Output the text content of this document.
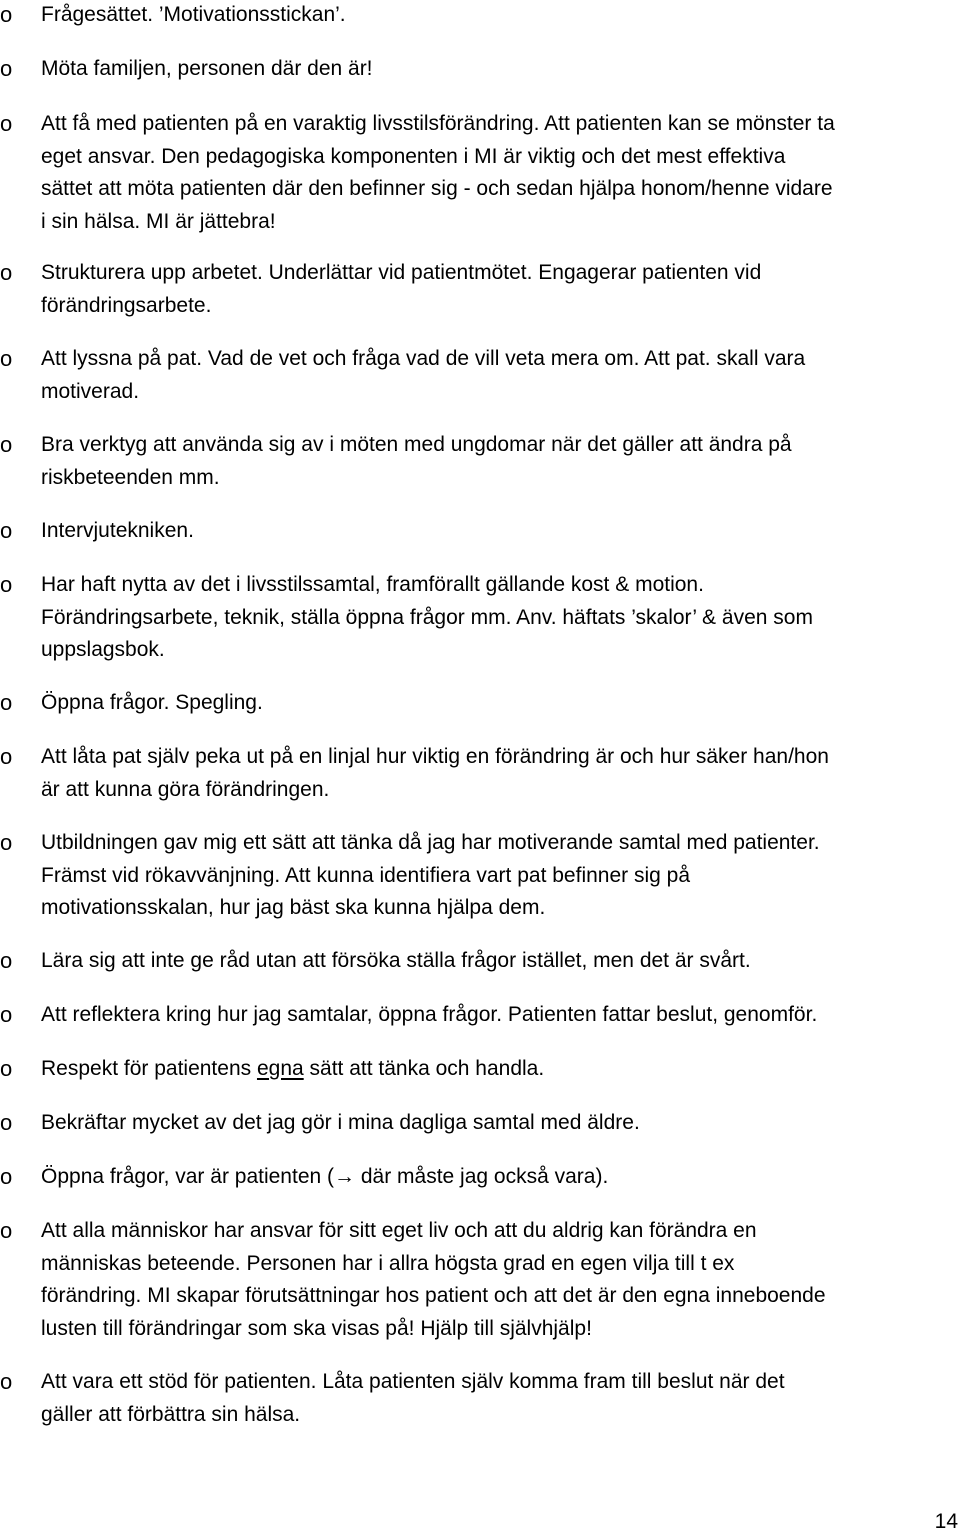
14
o Frågesättet. ’Motivationsstickan’.
o Möta familjen, personen där den är!
o Att få med patienten på en varaktig livsstilsförändring. Att patienten kan se mönster ta
eget ansvar. Den pedagogiska komponenten i MI är viktig och det mest effektiva
sättet att möta patienten där den befinner sig - och sedan hjälpa honom/henne vidare
i sin hälsa. MI är jättebra!
o Strukturera upp arbetet. Underlättar vid patientmötet. Engagerar patienten vid
förändringsarbete.
o Att lyssna på pat. Vad de vet och fråga vad de vill veta mera om. Att pat. skall vara
motiverad.
o Bra verktyg att använda sig av i möten med ungdomar när det gäller att ändra på
riskbeteenden mm.
o Intervjutekniken.
o Har haft nytta av det i livsstilssamtal, framförallt gällande kost & motion.
Förändringsarbete, teknik, ställa öppna frågor mm. Anv. häftats ’skalor’ & även som
uppslagsbok.
o Öppna frågor. Spegling.
o Att låta pat själv peka ut på en linjal hur viktig en förändring är och hur säker han/hon
är att kunna göra förändringen.
o Utbildningen gav mig ett sätt att tänka då jag har motiverande samtal med patienter.
Främst vid rökavvänjning. Att kunna identifiera vart pat befinner sig på
motivationsskalan, hur jag bäst ska kunna hjälpa dem.
o Lära sig att inte ge råd utan att försöka ställa frågor istället, men det är svårt.
o Att reflektera kring hur jag samtalar, öppna frågor. Patienten fattar beslut, genomför.
o Respekt för patientens egna sätt att tänka och handla.
o Bekräftar mycket av det jag gör i mina dagliga samtal med äldre.
o Öppna frågor, var är patienten (→ där måste jag också vara).
o Att alla människor har ansvar för sitt eget liv och att du aldrig kan förändra en
människas beteende. Personen har i allra högsta grad en egen vilja till t ex
förändring. MI skapar förutsättningar hos patient och att det är den egna inneboende
lusten till förändringar som ska visas på! Hjälp till självhjälp!
o Att vara ett stöd för patienten. Låta patienten själv komma fram till beslut när det
gäller att förbättra sin hälsa.
